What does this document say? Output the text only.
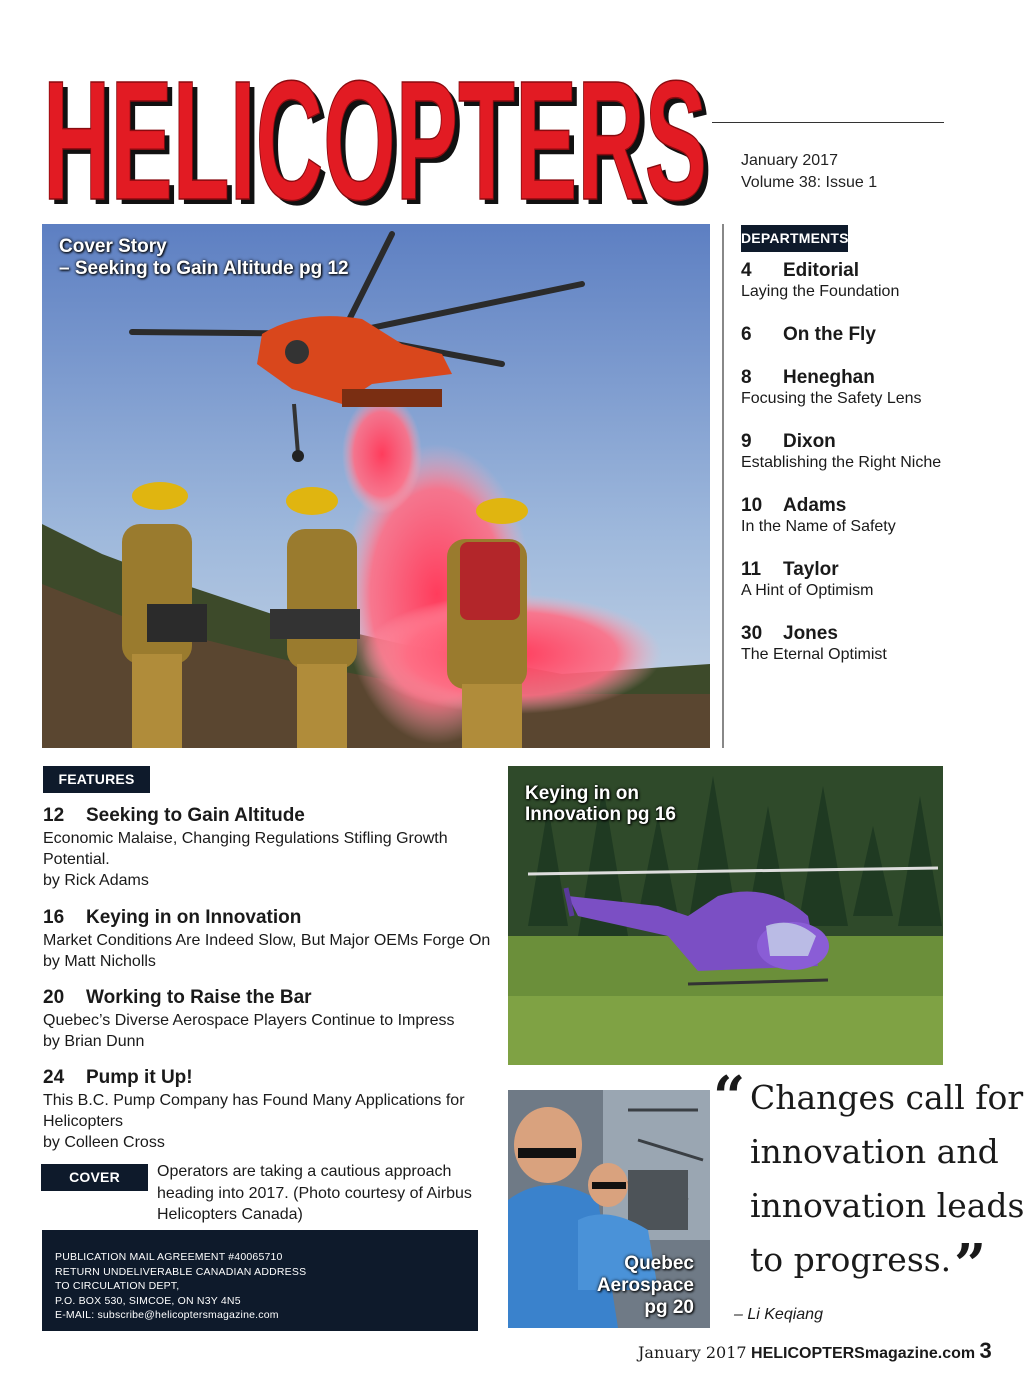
HELICOPTERS
HELICOPTERS January 2017
Volume 38: Issue 1
Cover Story
– Seeking to Gain Altitude pg 12
DEPARTMENTS
4 Editorial
Laying the Foundation
6 On the Fly
8 Heneghan
Focusing the Safety Lens
9 Dixon
Establishing the Right Niche
10 Adams
In the Name of Safety
11 Taylor
A Hint of Optimism
30 Jones
The Eternal Optimist
FEATURES
12 Seeking to Gain Altitude
Economic Malaise, Changing Regulations Stifling Growth
Potential.
by Rick Adams
16 Keying in on Innovation
Market Conditions Are Indeed Slow, But Major OEMs Forge On
by Matt Nicholls
20 Working to Raise the Bar
Quebec’s Diverse Aerospace Players Continue to Impress
by Brian Dunn
24 Pump it Up!
This B.C. Pump Company has Found Many Applications for
Helicopters
by Colleen Cross
Keying in on
Innovation pg 16
Quebec
Aerospace
pg 20
COVER	Operators are taking a cautious approach
heading into 2017. (Photo courtesy of Airbus
Helicopters Canada)
PUBLICATION MAIL AGREEMENT #40065710
RETURN UNDELIVERABLE CANADIAN ADDRESS
TO CIRCULATION DEPT,
P.O. BOX 530, SIMCOE, ON N3Y 4N5
E-MAIL: subscribe@helicoptersmagazine.com
“ Changes call for
innovation and
innovation leads
to progress. ”
– Li Keqiang
January 2017 HELICOPTERSmagazine.com 3
